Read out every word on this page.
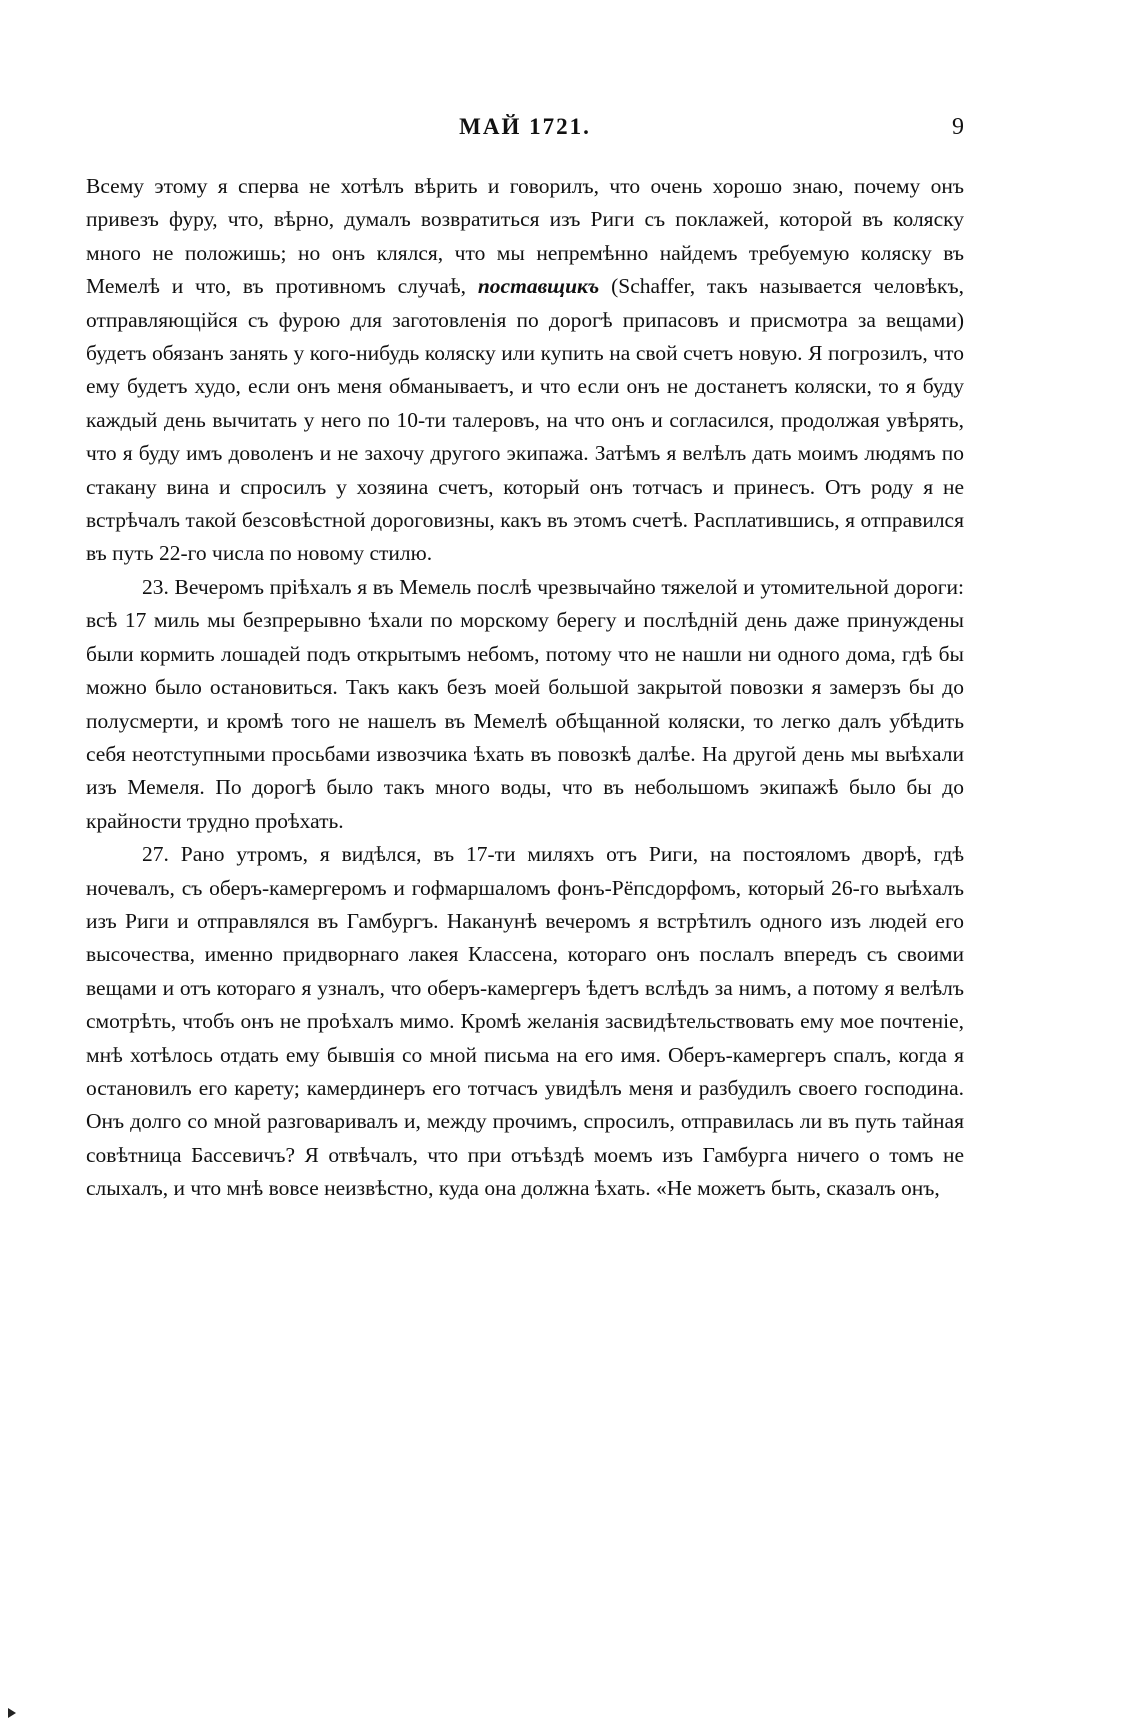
МАЙ 1721.	9

Всему этому я сперва не хотѣлъ вѣрить и говорилъ, что очень хорошо знаю, почему онъ привезъ фуру, что, вѣрно, думалъ возвратиться изъ Риги съ поклажей, которой въ коляску много не положишь; но онъ клялся, что мы непремѣнно найдемъ требуемую коляску въ Мемелѣ и что, въ противномъ случаѣ, поставщикъ (Schaffer, такъ называется человѣкъ, отправляющійся съ фурою для заготовленія по дорогѣ припасовъ и присмотра за вещами) будетъ обязанъ занять у кого-нибудь коляску или купить на свой счетъ новую. Я погрозилъ, что ему будетъ худо, если онъ меня обманываетъ, и что если онъ не достанетъ коляски, то я буду каждый день вычитать у него по 10-ти талеровъ, на что онъ и согласился, продолжая увѣрять, что я буду имъ доволенъ и не захочу другого экипажа. Затѣмъ я велѣлъ дать моимъ людямъ по стакану вина и спросилъ у хозяина счетъ, который онъ тотчасъ и принесъ. Отъ роду я не встрѣчалъ такой безсовѣстной дороговизны, какъ въ этомъ счетѣ. Расплатившись, я отправился въ путь 22-го числа по новому стилю.

23. Вечеромъ пріѣхалъ я въ Мемель послѣ чрезвычайно тяжелой и утомительной дороги: всѣ 17 миль мы безпрерывно ѣхали по морскому берегу и послѣдній день даже принуждены были кормить лошадей подъ открытымъ небомъ, потому что не нашли ни одного дома, гдѣ бы можно было остановиться. Такъ какъ безъ моей большой закрытой повозки я замерзъ бы до полусмерти, и кромѣ того не нашелъ въ Мемелѣ обѣщанной коляски, то легко далъ убѣдить себя неотступными просьбами извозчика ѣхать въ повозкѣ далѣе. На другой день мы выѣхали изъ Мемеля. По дорогѣ было такъ много воды, что въ небольшомъ экипажѣ было бы до крайности трудно проѣхать.

27. Рано утромъ, я видѣлся, въ 17-ти миляхъ отъ Риги, на постояломъ дворѣ, гдѣ ночевалъ, съ оберъ-камергеромъ и гофмаршаломъ фонъ-Рёпсдорфомъ, который 26-го выѣхалъ изъ Риги и отправлялся въ Гамбургъ. Наканунѣ вечеромъ я встрѣтилъ одного изъ людей его высочества, именно придворнаго лакея Классена, котораго онъ послалъ впередъ съ своими вещами и отъ котораго я узналъ, что оберъ-камергеръ ѣдетъ вслѣдъ за нимъ, а потому я велѣлъ смотрѣть, чтобъ онъ не проѣхалъ мимо. Кромѣ желанія засвидѣтельствовать ему мое почтеніе, мнѣ хотѣлось отдать ему бывшія со мной письма на его имя. Оберъ-камергеръ спалъ, когда я остановилъ его карету; камердинеръ его тотчасъ увидѣлъ меня и разбудилъ своего господина. Онъ долго со мной разговаривалъ и, между прочимъ, спросилъ, отправилась ли въ путь тайная совѣтница Бассевичъ? Я отвѣчалъ, что при отъѣздѣ моемъ изъ Гамбурга ничего о томъ не слыхалъ, и что мнѣ вовсе неизвѣстно, куда она должна ѣхать. «Не можетъ быть, сказалъ онъ,
